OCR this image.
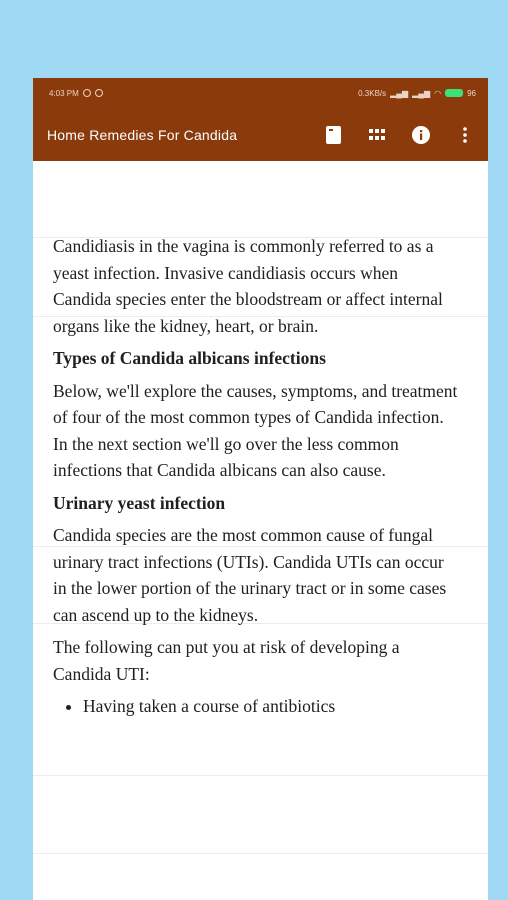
4:03 PM	0.3KB/s ▂▄▆ ▂▄▆ ◠	96
Home Remedies For Candida

Candidiasis in the vagina is commonly referred to as a yeast infection. Invasive candidiasis occurs when Candida species enter the bloodstream or affect internal organs like the kidney, heart, or brain.

Types of Candida albicans infections

Below, we'll explore the causes, symptoms, and treatment of four of the most common types of Candida infection. In the next section we'll go over the less common infections that Candida albicans can also cause.

Urinary yeast infection

Candida species are the most common cause of fungal urinary tract infections (UTIs). Candida UTIs can occur in the lower portion of the urinary tract or in some cases can ascend up to the kidneys.

The following can put you at risk of developing a Candida UTI:

• Having taken a course of antibiotics
